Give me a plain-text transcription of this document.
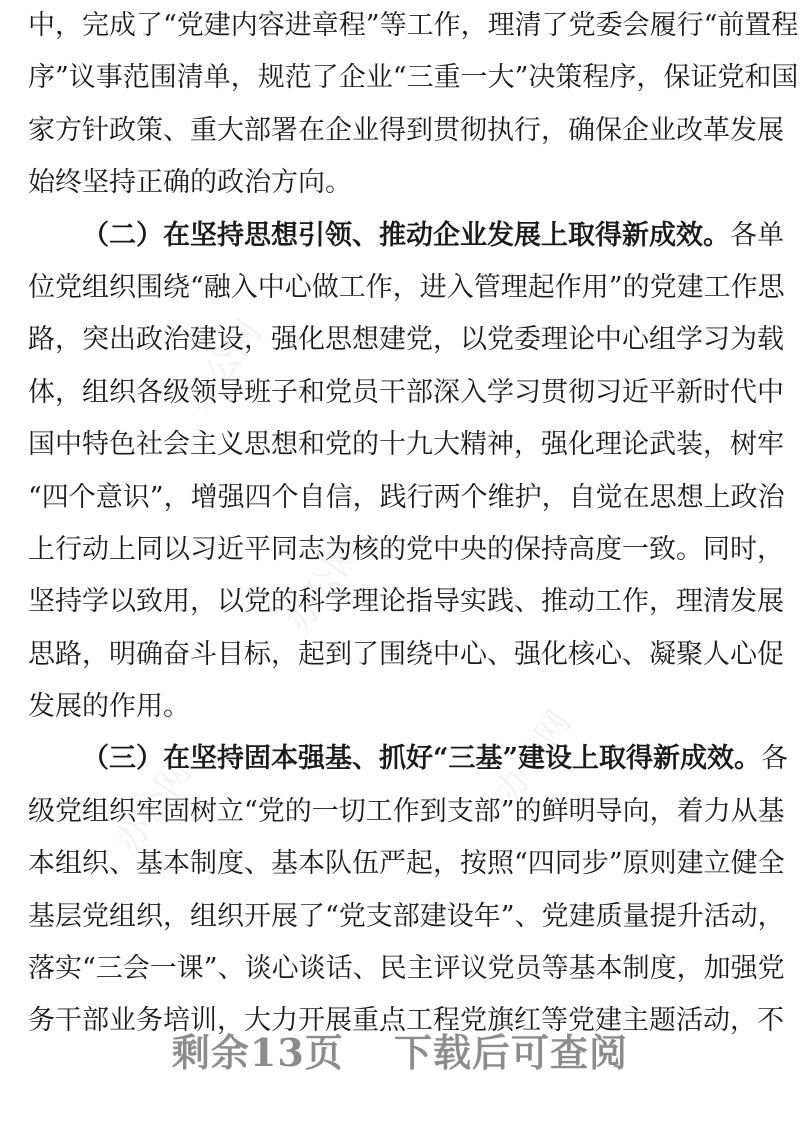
办公网
办公网
办公网	办公网
中，完成了“党建内容进章程”等工作，理清了党委会履行“前置程
序”议事范围清单，规范了企业“三重一大”决策程序，保证党和国
家方针政策、重大部署在企业得到贯彻执行，确保企业改革发展
始终坚持正确的政治方向。
（二）在坚持思想引领、推动企业发展上取得新成效。各单
位党组织围绕“融入中心做工作，进入管理起作用”的党建工作思
路，突出政治建设，强化思想建党，以党委理论中心组学习为载
体，组织各级领导班子和党员干部深入学习贯彻习近平新时代中
国中特色社会主义思想和党的十九大精神，强化理论武装，树牢
“四个意识”，增强四个自信，践行两个维护，自觉在思想上政治
上行动上同以习近平同志为核的党中央的保持高度一致。同时，
坚持学以致用，以党的科学理论指导实践、推动工作，理清发展
思路，明确奋斗目标，起到了围绕中心、强化核心、凝聚人心促
发展的作用。
（三）在坚持固本强基、抓好“三基”建设上取得新成效。各
级党组织牢固树立“党的一切工作到支部”的鲜明导向，着力从基
本组织、基本制度、基本队伍严起，按照“四同步”原则建立健全
基层党组织，组织开展了“党支部建设年”、党建质量提升活动，
落实“三会一课”、谈心谈话、民主评议党员等基本制度，加强党
务干部业务培训，大力开展重点工程党旗红等党建主题活动，不
剩余13页 下载后可查阅
